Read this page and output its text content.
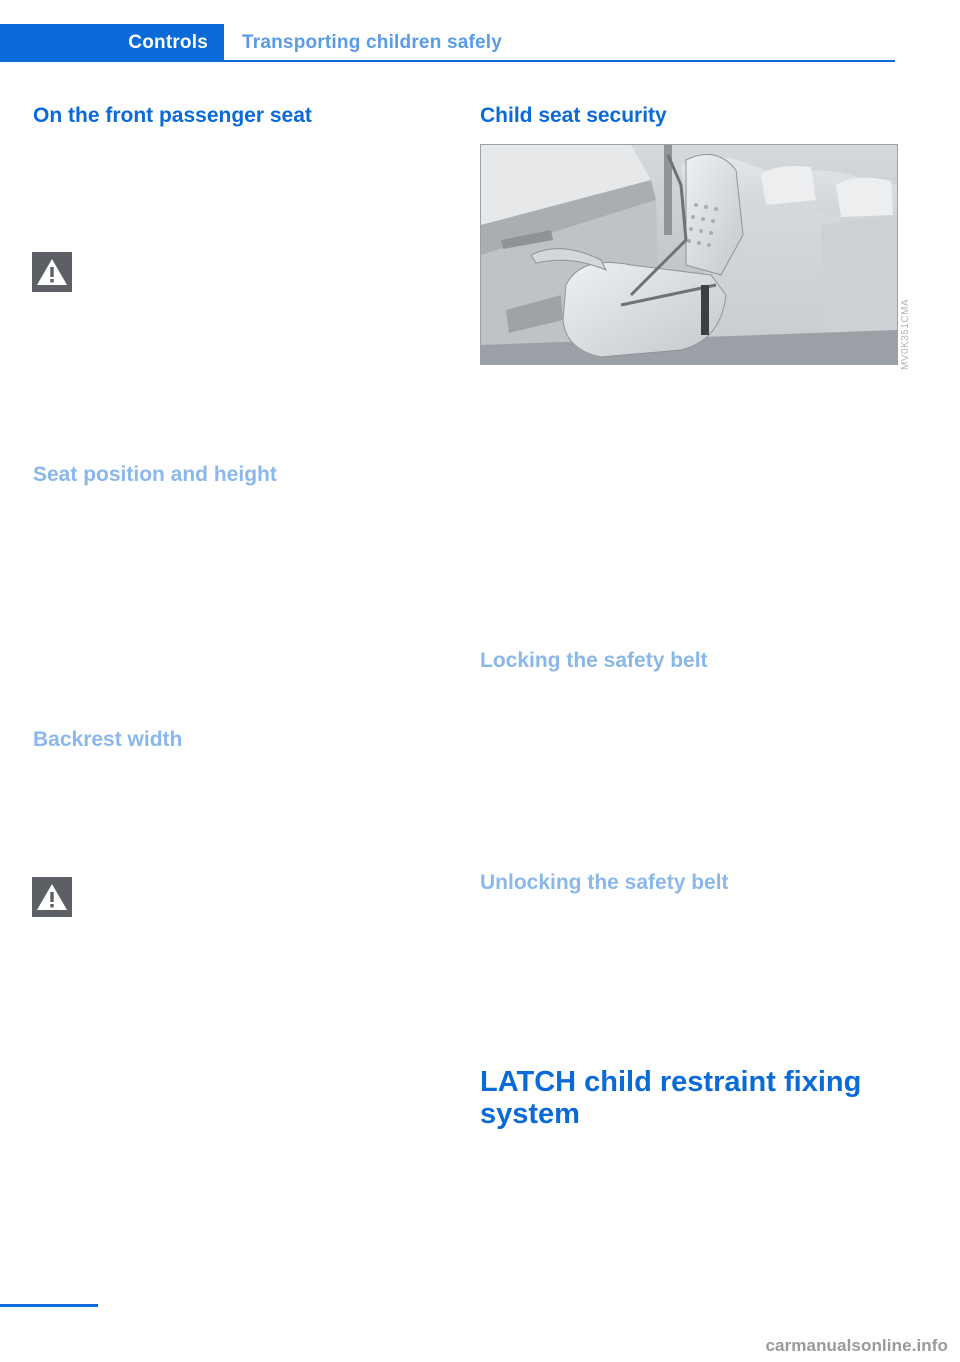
Controls Transporting children safely
On the front passenger seat
Seat position and height
Backrest width
Child seat security
MV0K351CMA
Locking the safety belt
Unlocking the safety belt
LATCH child restraint fixing system
carmanualsonline.info
